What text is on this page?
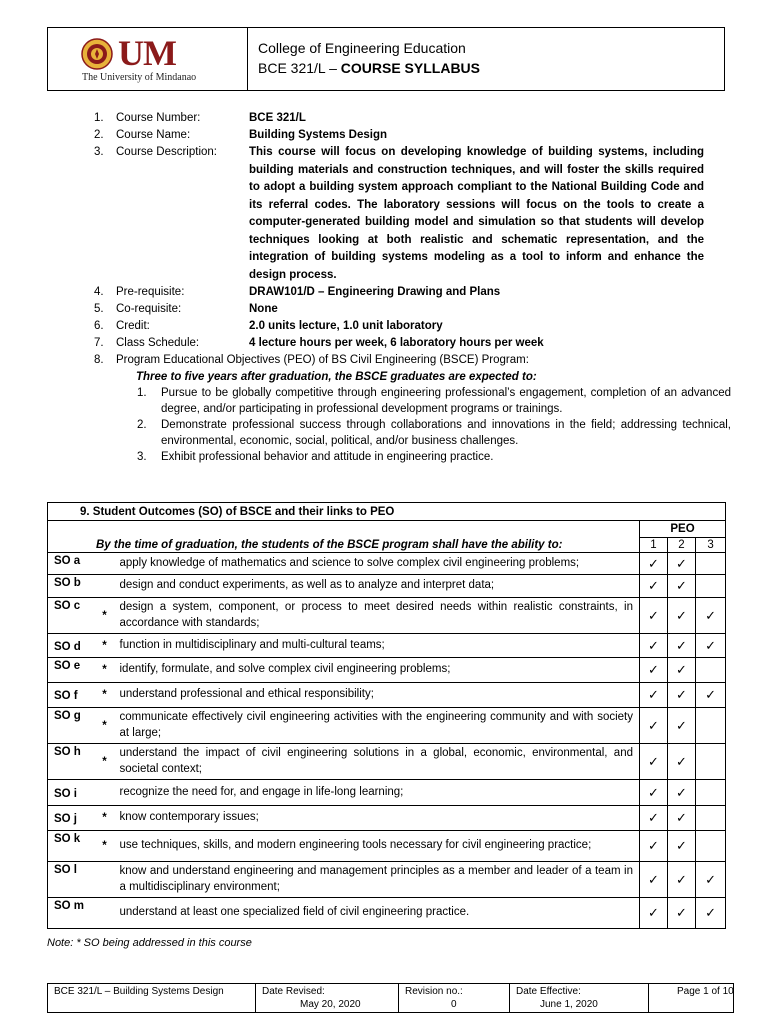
UM
The University of Mindanao
College of Engineering Education
BCE 321/L – COURSE SYLLABUS
1.	Course Number:	BCE 321/L
2.	Course Name:	Building Systems Design
3.	Course Description:	This course will focus on developing knowledge of building systems, including building materials and construction techniques, and will foster the skills required to adopt a building system approach compliant to the National Building Code and its referral codes. The laboratory sessions will focus on the tools to create a computer-generated building model and simulation so that students will develop techniques looking at both realistic and schematic representation, and the integration of building systems modeling as a tool to inform and enhance the design process.
4.	Pre-requisite:	DRAW101/D – Engineering Drawing and Plans
5.	Co-requisite:	None
6.	Credit:	2.0 units lecture, 1.0 unit laboratory
7.	Class Schedule:	4 lecture hours per week, 6 laboratory hours per week
8.	Program Educational Objectives (PEO) of BS Civil Engineering (BSCE) Program:
Three to five years after graduation, the BSCE graduates are expected to:
1.	Pursue to be globally competitive through engineering professional’s engagement, completion of an advanced degree, and/or participating in professional development programs or trainings.
2.	Demonstrate professional success through collaborations and innovations in the field; addressing technical, environmental, economic, social, political, and/or business challenges.
3.	Exhibit professional behavior and attitude in engineering practice.
9. Student Outcomes (SO) of BSCE and their links to PEO					
By the time of graduation, the students of the BSCE program shall have the ability to:			PEO		
			1	2	3
SO a		apply knowledge of mathematics and science to solve complex civil engineering problems;	✓	✓	
SO b		design and conduct experiments, as well as to analyze and interpret data;	✓	✓	
SO c	*	design a system, component, or process to meet desired needs within realistic constraints, in accordance with standards;	✓	✓	✓
SO d	*	function in multidisciplinary and multi-cultural teams;	✓	✓	✓
SO e	*	identify, formulate, and solve complex civil engineering problems;	✓	✓	
SO f	*	understand professional and ethical responsibility;	✓	✓	✓
SO g	*	communicate effectively civil engineering activities with the engineering community and with society at large;	✓	✓	
SO h	*	understand the impact of civil engineering solutions in a global, economic, environmental, and societal context;	✓	✓	
SO i		recognize the need for, and engage in life-long learning;	✓	✓	
SO j	*	know contemporary issues;	✓	✓	
SO k	*	use techniques, skills, and modern engineering tools necessary for civil engineering practice;	✓	✓	
SO l		know and understand engineering and management principles as a member and leader of a team in a multidisciplinary environment;	✓	✓	✓
SO m		understand at least one specialized field of civil engineering practice.	✓	✓	✓
Note: * SO being addressed in this course
BCE 321/L – Building Systems Design	Date Revised:
May 20, 2020
Revision no.:
0
Date Effective:
June 1, 2020
Page 1 of 10
